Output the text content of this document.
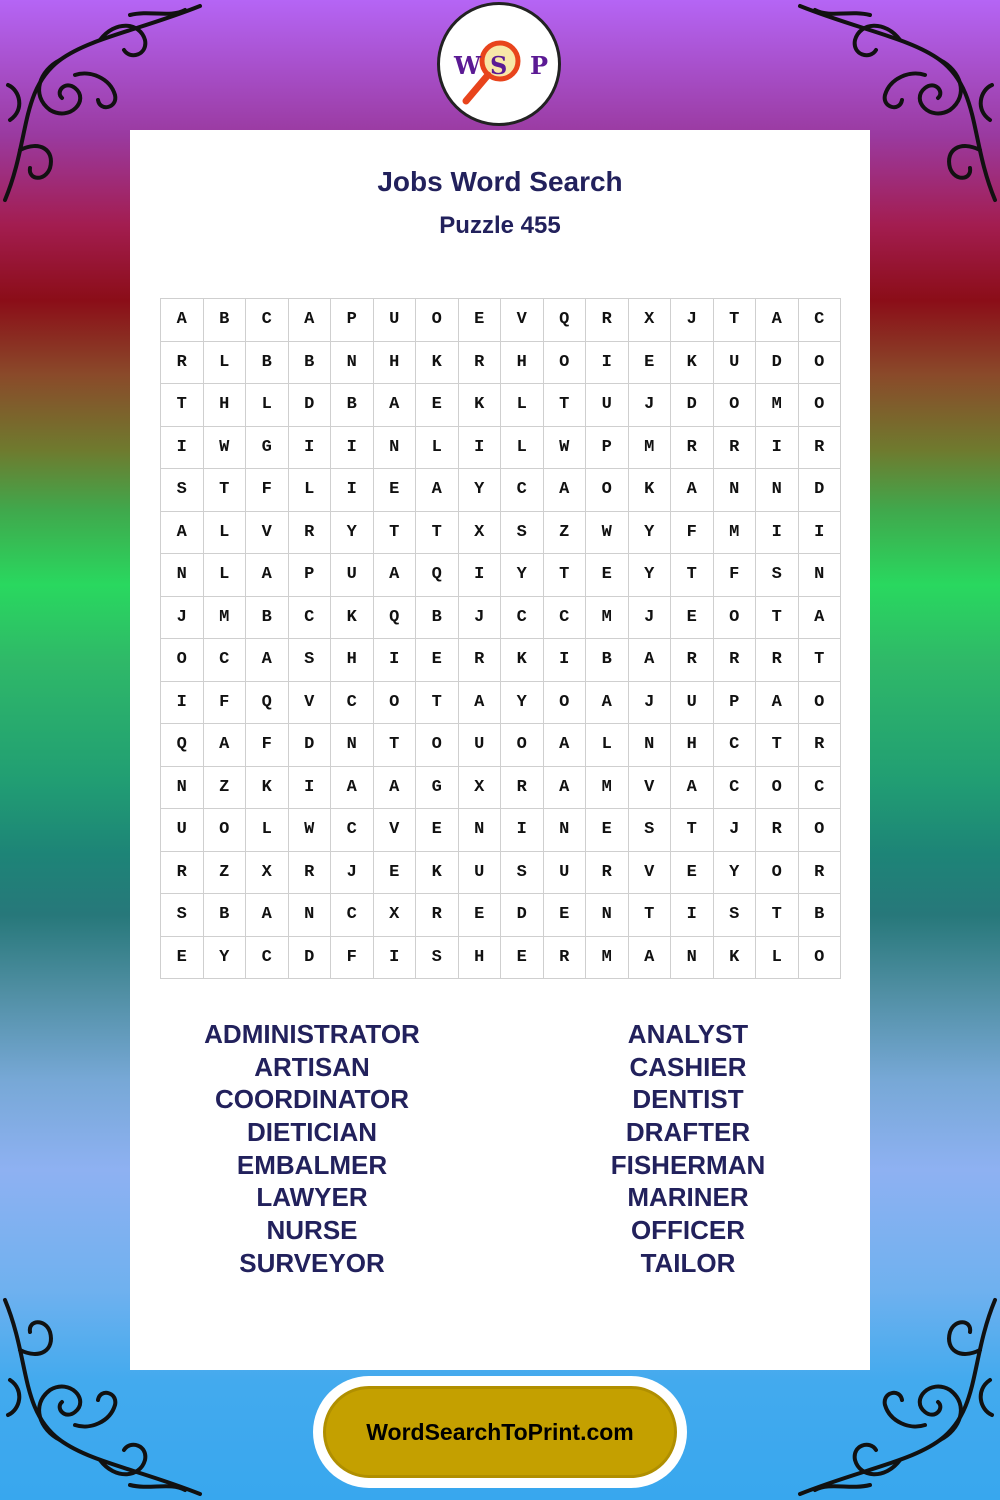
W S P
Jobs Word Search
Puzzle 455
A	B	C	A	P	U	O	E	V	Q	R	X	J	T	A	C
R	L	B	B	N	H	K	R	H	O	I	E	K	U	D	O
T	H	L	D	B	A	E	K	L	T	U	J	D	O	M	O
I	W	G	I	I	N	L	I	L	W	P	M	R	R	I	R
S	T	F	L	I	E	A	Y	C	A	O	K	A	N	N	D
A	L	V	R	Y	T	T	X	S	Z	W	Y	F	M	I	I
N	L	A	P	U	A	Q	I	Y	T	E	Y	T	F	S	N
J	M	B	C	K	Q	B	J	C	C	M	J	E	O	T	A
O	C	A	S	H	I	E	R	K	I	B	A	R	R	R	T
I	F	Q	V	C	O	T	A	Y	O	A	J	U	P	A	O
Q	A	F	D	N	T	O	U	O	A	L	N	H	C	T	R
N	Z	K	I	A	A	G	X	R	A	M	V	A	C	O	C
U	O	L	W	C	V	E	N	I	N	E	S	T	J	R	O
R	Z	X	R	J	E	K	U	S	U	R	V	E	Y	O	R
S	B	A	N	C	X	R	E	D	E	N	T	I	S	T	B
E	Y	C	D	F	I	S	H	E	R	M	A	N	K	L	O
ADMINISTRATOR
ARTISAN
COORDINATOR
DIETICIAN
EMBALMER
LAWYER
NURSE
SURVEYOR
ANALYST
CASHIER
DENTIST
DRAFTER
FISHERMAN
MARINER
OFFICER
TAILOR
WordSearchToPrint.com
